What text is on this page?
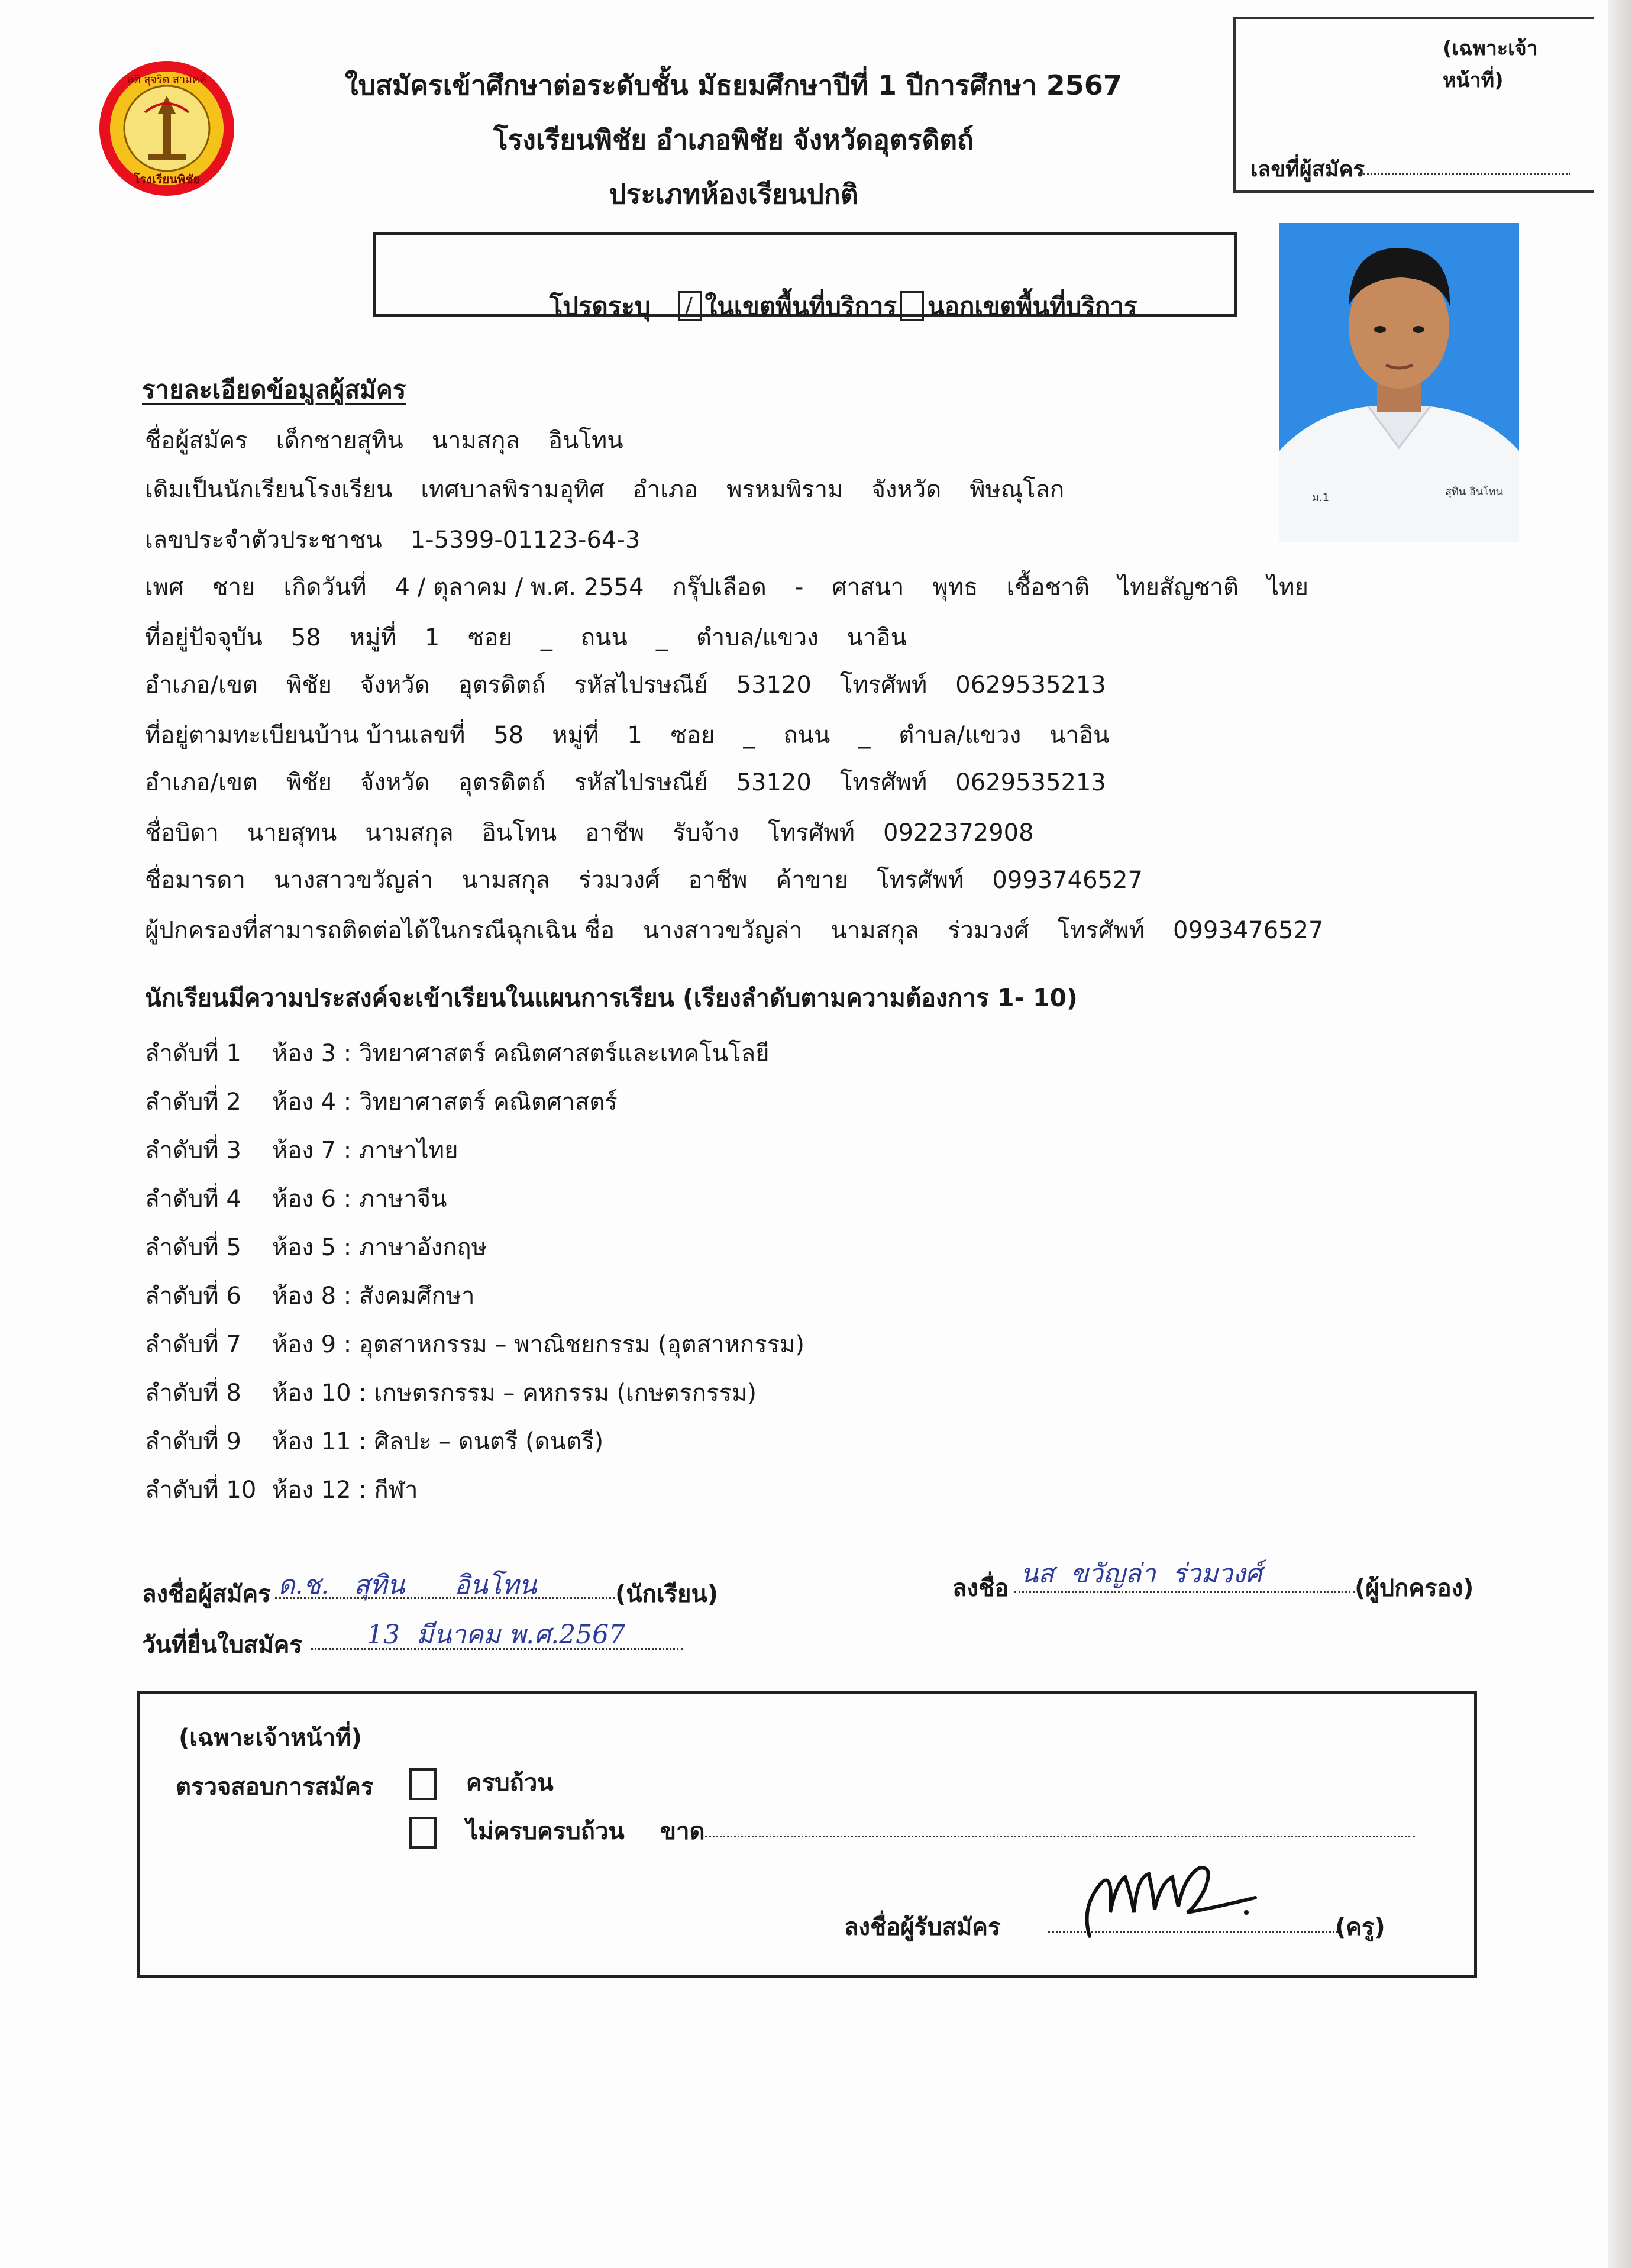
(เฉพาะเจ้าหน้าที่)
เลขที่ผู้สมัคร
สติ สุจริต สามัคคี
โรงเรียนพิชัย
ใบสมัครเข้าศึกษาต่อระดับชั้น มัธยมศึกษาปีที่ 1 ปีการศึกษา 2567
โรงเรียนพิชัย อำเภอพิชัย จังหวัดอุตรดิตถ์
ประเภทห้องเรียนปกติ

โปรดระบุ ในเขตพื้นที่บริการ นอกเขตพื้นที่บริการ

ม.1	สุทิน อินโทน
รายละเอียดข้อมูลผู้สมัคร
ชื่อผู้สมัคร เด็กชายสุทิน นามสกุล อินโทน
เดิมเป็นนักเรียนโรงเรียน เทศบาลพิรามอุทิศ อำเภอ พรหมพิราม จังหวัด พิษณุโลก
เลขประจำตัวประชาชน 1-5399-01123-64-3
เพศ ชาย เกิดวันที่ 4 / ตุลาคม / พ.ศ. 2554 กรุ๊ปเลือด - ศาสนา พุทธ เชื้อชาติ ไทยสัญชาติ ไทย
ที่อยู่ปัจจุบัน 58 หมู่ที่ 1 ซอย _ ถนน _ ตำบล/แขวง นาอิน
อำเภอ/เขต พิชัย จังหวัด อุตรดิตถ์ รหัสไปรษณีย์ 53120 โทรศัพท์ 0629535213
ที่อยู่ตามทะเบียนบ้าน บ้านเลขที่ 58 หมู่ที่ 1 ซอย _ ถนน _ ตำบล/แขวง นาอิน
อำเภอ/เขต พิชัย จังหวัด อุตรดิตถ์ รหัสไปรษณีย์ 53120 โทรศัพท์ 0629535213
ชื่อบิดา นายสุทน นามสกุล อินโทน อาชีพ รับจ้าง โทรศัพท์ 0922372908
ชื่อมารดา นางสาวขวัญล่า นามสกุล ร่วมวงศ์ อาชีพ ค้าขาย โทรศัพท์ 0993746527
ผู้ปกครองที่สามารถติดต่อได้ในกรณีฉุกเฉิน ชื่อ นางสาวขวัญล่า นามสกุล ร่วมวงศ์ โทรศัพท์ 0993476527
นักเรียนมีความประสงค์จะเข้าเรียนในแผนการเรียน (เรียงลำดับตามความต้องการ 1- 10)
ลำดับที่ 1 ห้อง 3 : วิทยาศาสตร์ คณิตศาสตร์และเทคโนโลยี
ลำดับที่ 2 ห้อง 4 : วิทยาศาสตร์ คณิตศาสตร์
ลำดับที่ 3 ห้อง 7 : ภาษาไทย
ลำดับที่ 4 ห้อง 6 : ภาษาจีน
ลำดับที่ 5 ห้อง 5 : ภาษาอังกฤษ
ลำดับที่ 6 ห้อง 8 : สังคมศึกษา
ลำดับที่ 7 ห้อง 9 : อุตสาหกรรม – พาณิชยกรรม (อุตสาหกรรม)
ลำดับที่ 8 ห้อง 10 : เกษตรกรรม – คหกรรม (เกษตรกรรม)
ลำดับที่ 9 ห้อง 11 : ศิลปะ – ดนตรี (ดนตรี)
ลำดับที่ 10 ห้อง 12 : กีฬา
ลงชื่อผู้สมัคร ด.ช.   สุทิน      อินโทน	(นักเรียน)	ลงชื่อ นส  ขวัญล่า  ร่วมวงศ์	(ผู้ปกครอง)
วันที่ยื่นใบสมัคร 13  มีนาคม พ.ศ.2567
(เฉพาะเจ้าหน้าที่)
ตรวจสอบการสมัคร	ครบถ้วน
ไม่ครบครบถ้วน ขาด
ลงชื่อผู้รับสมัคร	(ครู)
